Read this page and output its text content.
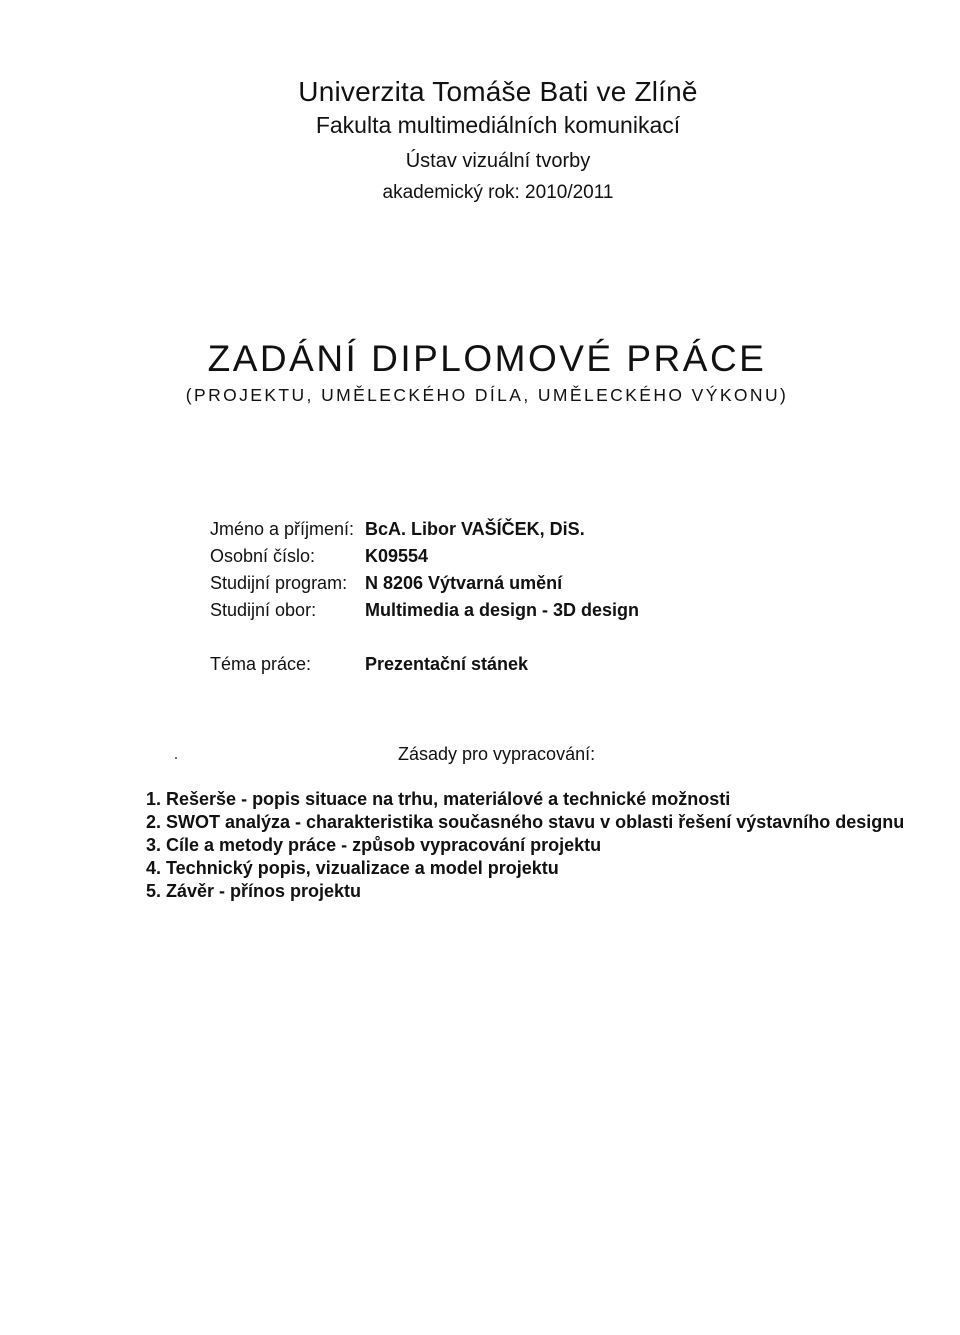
Univerzita Tomáše Bati ve Zlíně
Fakulta multimediálních komunikací
Ústav vizuální tvorby
akademický rok: 2010/2011
ZADÁNÍ DIPLOMOVÉ PRÁCE
(PROJEKTU, UMĚLECKÉHO DÍLA, UMĚLECKÉHO VÝKONU)
Jméno a příjmení: BcA. Libor VAŠÍČEK, DiS.
Osobní číslo:	K09554
Studijní program: N 8206 Výtvarná umění
Studijní obor:	Multimedia a design - 3D design
Téma práce:	Prezentační stánek
Zásady pro vypracování:
1. Rešerše - popis situace na trhu, materiálové a technické možnosti
2. SWOT analýza - charakteristika současného stavu v oblasti řešení výstavního designu
3. Cíle a metody práce - způsob vypracování projektu
4. Technický popis, vizualizace a model projektu
5. Závěr - přínos projektu
